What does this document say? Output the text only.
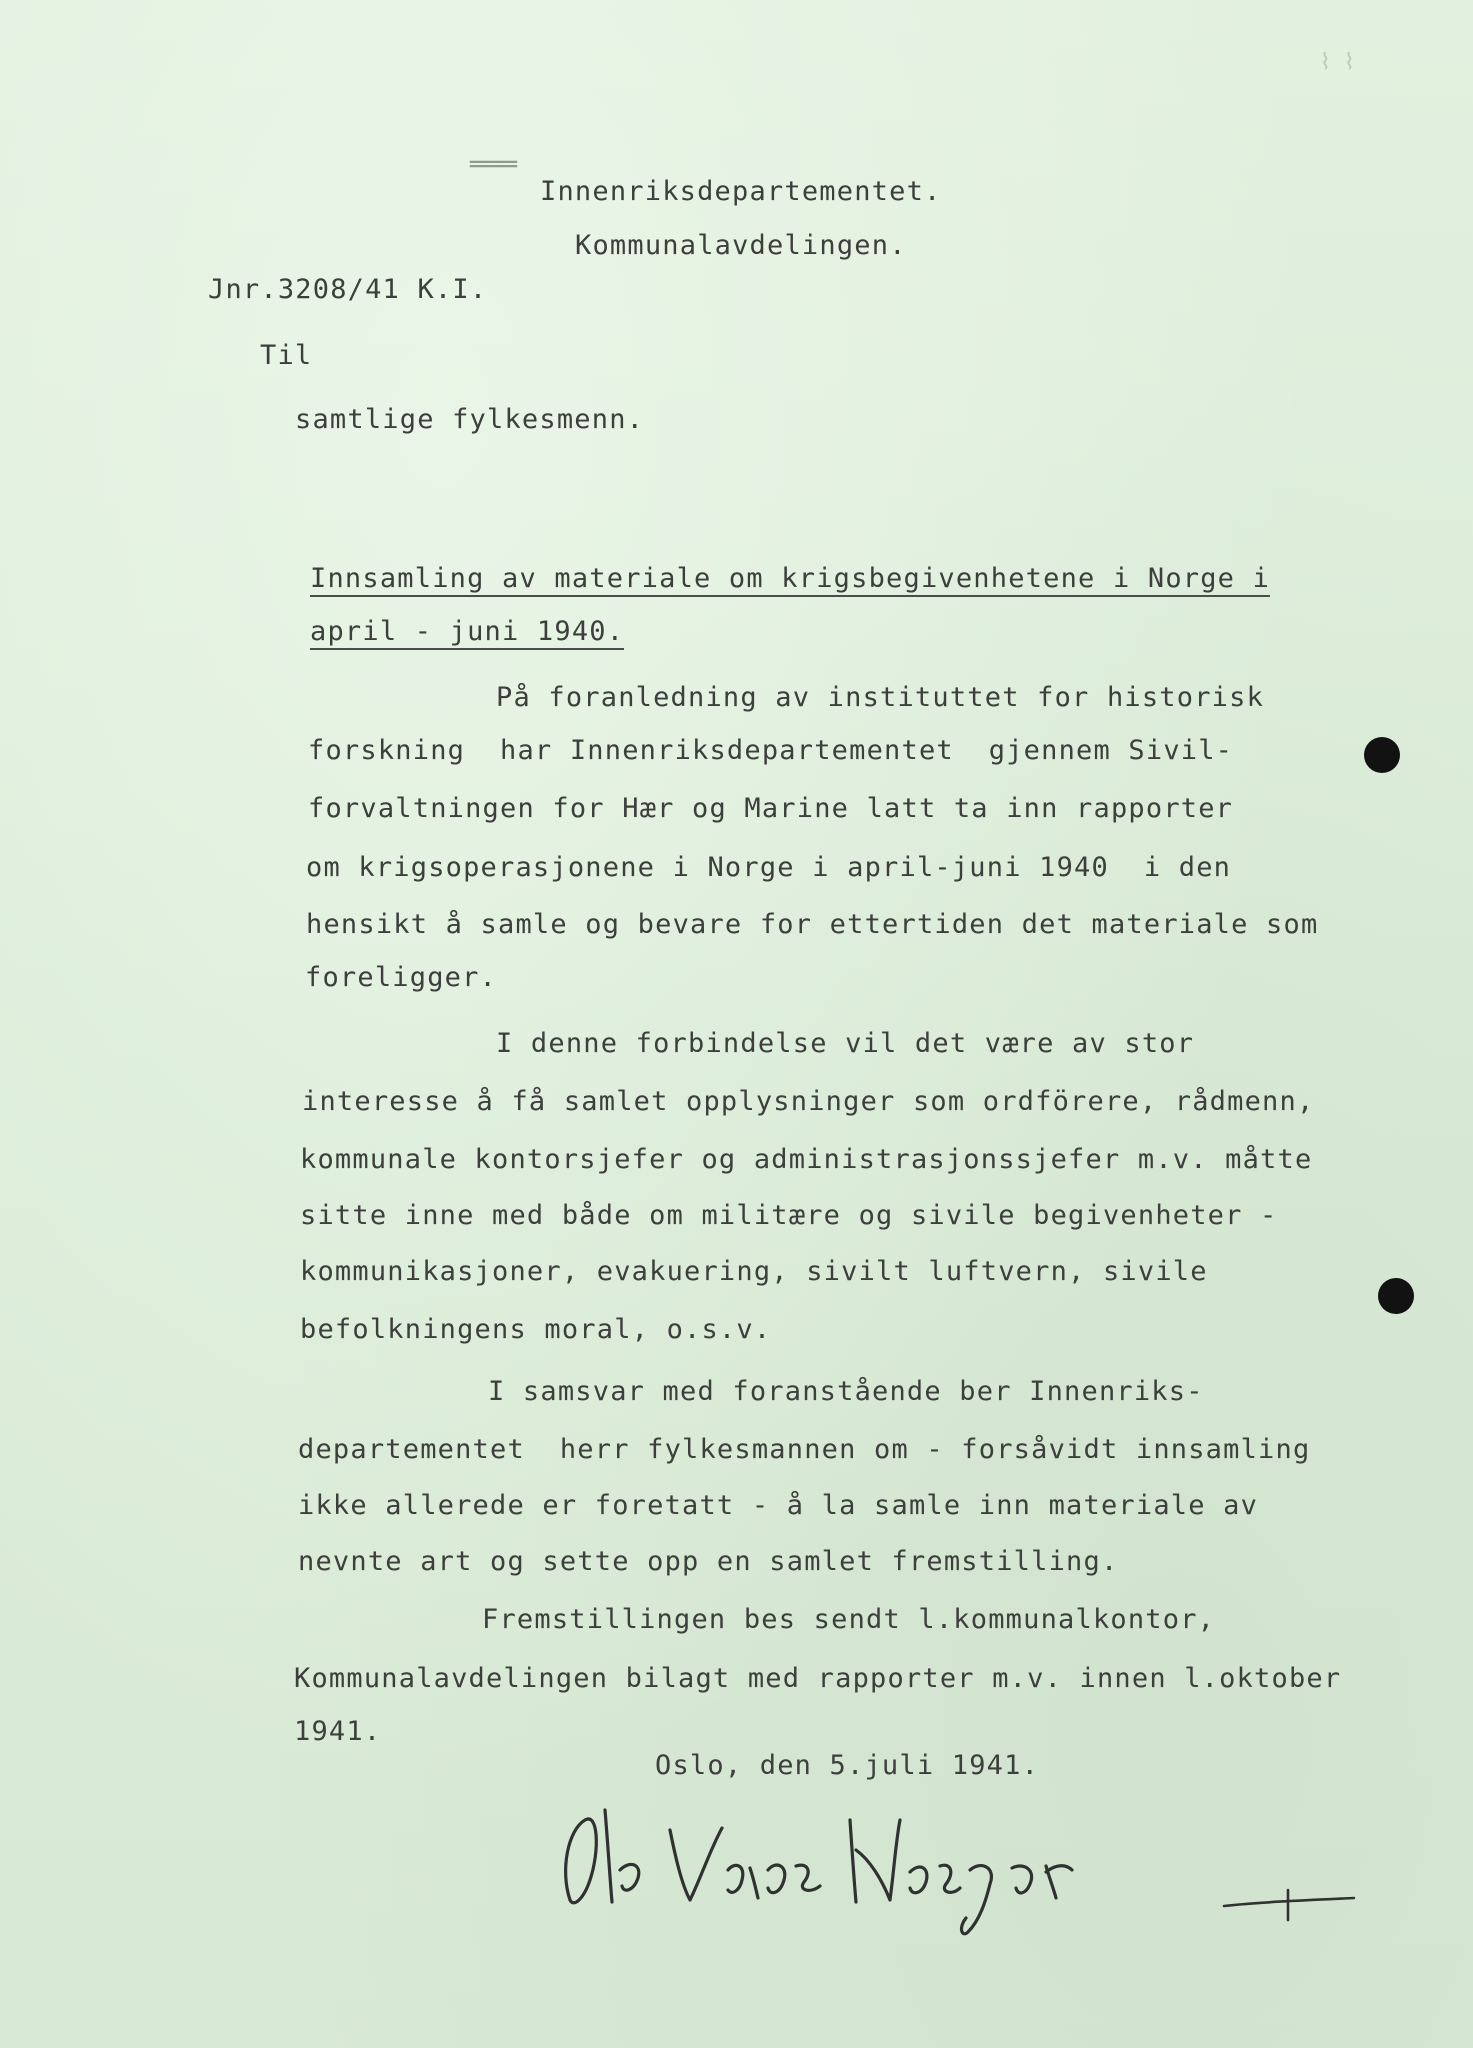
⌇ ⌇
═══
Innenriksdepartementet.
Kommunalavdelingen.
Jnr.3208/41 K.I.
Til
samtlige fylkesmenn.
Innsamling av materiale om krigsbegivenhetene i Norge i
april - juni 1940.
På foranledning av instituttet for historisk
forskning  har Innenriksdepartementet  gjennem Sivil-
forvaltningen for Hær og Marine latt ta inn rapporter
om krigsoperasjonene i Norge i april-juni 1940  i den
hensikt å samle og bevare for ettertiden det materiale som
foreligger.
I denne forbindelse vil det være av stor
interesse å få samlet opplysninger som ordförere, rådmenn,
kommunale kontorsjefer og administrasjonssjefer m.v. måtte
sitte inne med både om militære og sivile begivenheter -
kommunikasjoner, evakuering, sivilt luftvern, sivile
befolkningens moral, o.s.v.
I samsvar med foranstående ber Innenriks-
departementet  herr fylkesmannen om - forsåvidt innsamling
ikke allerede er foretatt - å la samle inn materiale av
nevnte art og sette opp en samlet fremstilling.
Fremstillingen bes sendt l.kommunalkontor,
Kommunalavdelingen bilagt med rapporter m.v. innen l.oktober
1941.
Oslo, den 5.juli 1941.
